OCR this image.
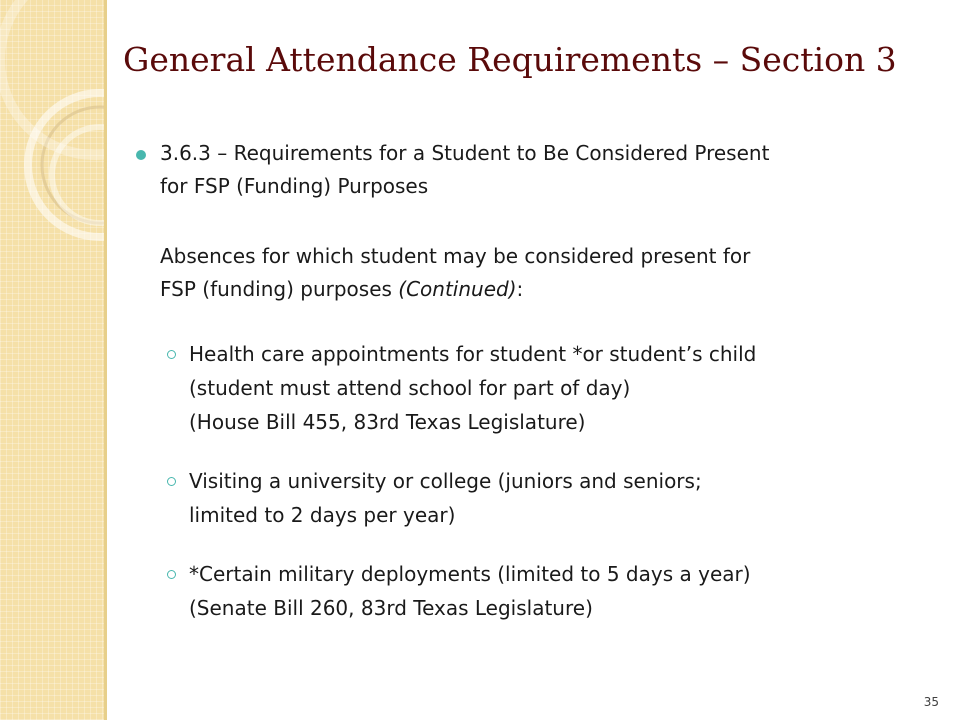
General Attendance Requirements – Section 3
3.6.3 – Requirements for a Student to Be Considered Present
for FSP (Funding) Purposes
Absences for which student may be considered present for
FSP (funding) purposes (Continued):
Health care appointments for student *or student’s child
(student must attend school for part of day)
(House Bill 455, 83rd Texas Legislature)
Visiting a university or college (juniors and seniors;
limited to 2 days per year)
*Certain military deployments (limited to 5 days a year)
(Senate Bill 260, 83rd Texas Legislature)
35
